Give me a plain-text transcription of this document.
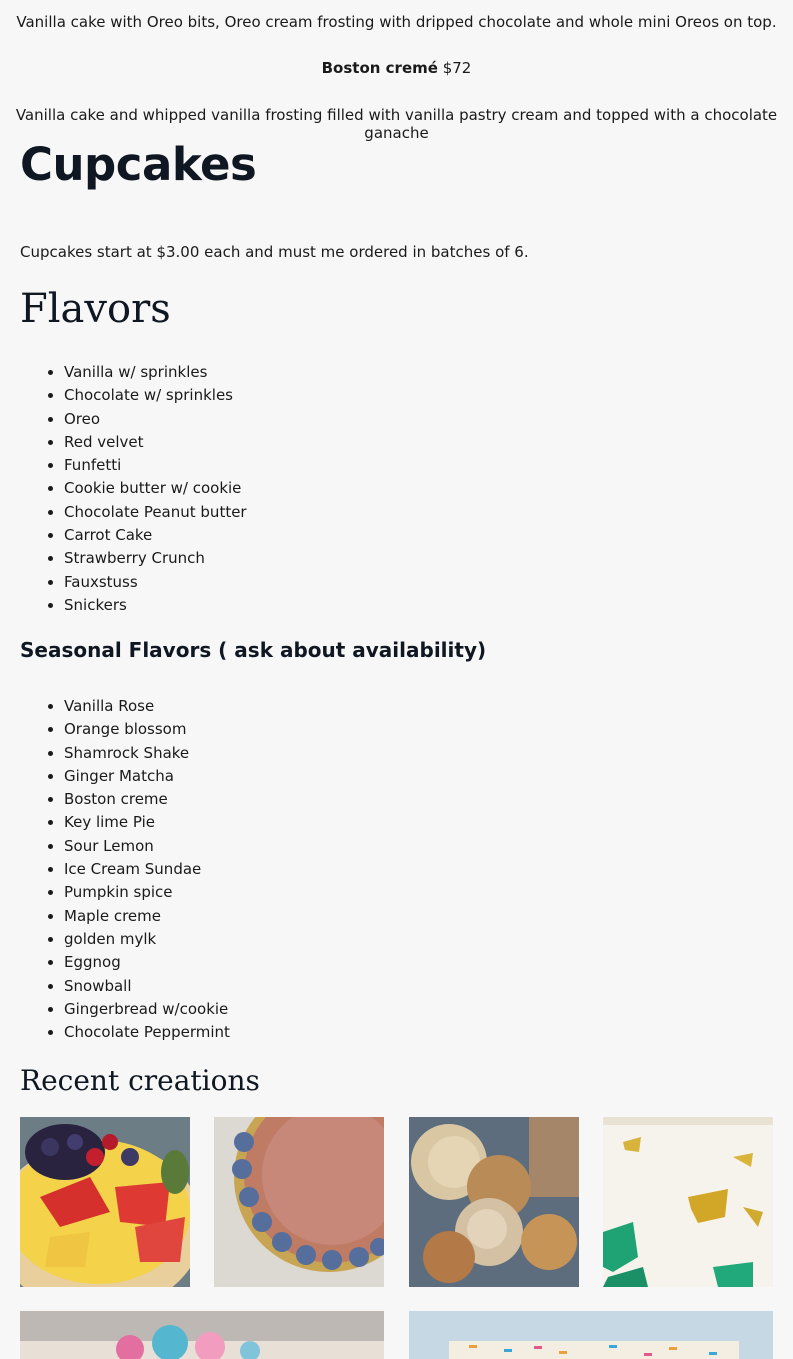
Vanilla cake with Oreo bits, Oreo cream frosting with dripped chocolate and whole mini Oreos on top.
Boston cremé $72
Vanilla cake and whipped vanilla frosting filled with vanilla pastry cream and topped with a chocolate ganache
Cupcakes
Cupcakes start at $3.00 each and must me ordered in batches of 6.
Flavors
• Vanilla w/ sprinkles
• Chocolate w/ sprinkles
• Oreo
• Red velvet
• Funfetti
• Cookie butter w/ cookie
• Chocolate Peanut butter
• Carrot Cake
• Strawberry Crunch
• Fauxstuss
• Snickers
Seasonal Flavors ( ask about availability)
• Vanilla Rose
• Orange blossom
• Shamrock Shake
• Ginger Matcha
• Boston creme
• Key lime Pie
• Sour Lemon
• Ice Cream Sundae
• Pumpkin spice
• Maple creme
• golden mylk
• Eggnog
• Snowball
• Gingerbread w/cookie
• Chocolate Peppermint
Recent creations
